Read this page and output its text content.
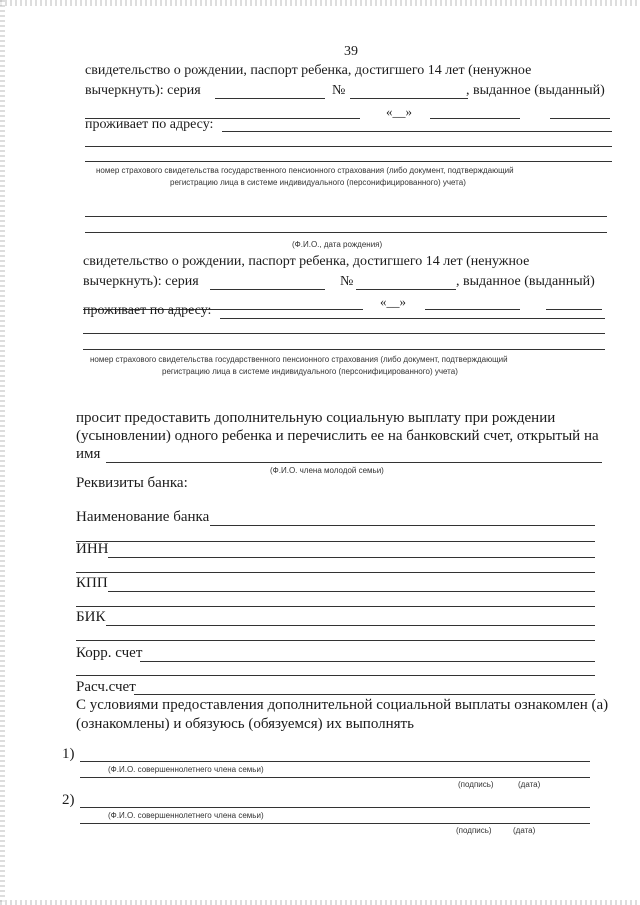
39
свидетельство о рождении, паспорт ребенка, достигшего 14 лет (ненужное
вычеркнуть): серия	№	, выданное (выданный)
«__»
проживает по адресу:
номер страхового свидетельства государственного пенсионного страхования (либо документ, подтверждающий
регистрацию лица в системе индивидуального (персонифицированного) учета)
(Ф.И.О., дата рождения)
свидетельство о рождении, паспорт ребенка, достигшего 14 лет (ненужное
вычеркнуть): серия	№	, выданное (выданный)
«__»
проживает по адресу:
номер страхового свидетельства государственного пенсионного страхования (либо документ, подтверждающий
регистрацию лица в системе индивидуального (персонифицированного) учета)
просит предоставить дополнительную социальную выплату при рождении
(усыновлении) одного ребенка и перечислить ее на банковский счет, открытый на
имя
(Ф.И.О. члена молодой семьи)
Реквизиты банка:
Наименование банка
ИНН
КПП
БИК
Корр. счет
Расч.счет
С условиями предоставления дополнительной социальной выплаты ознакомлен (а)
(ознакомлены) и обязуюсь (обязуемся) их выполнять
1)
(Ф.И.О. совершеннолетнего члена семьи)
(подпись)	(дата)
2)
(Ф.И.О. совершеннолетнего члена семьи)
(подпись)	(дата)
